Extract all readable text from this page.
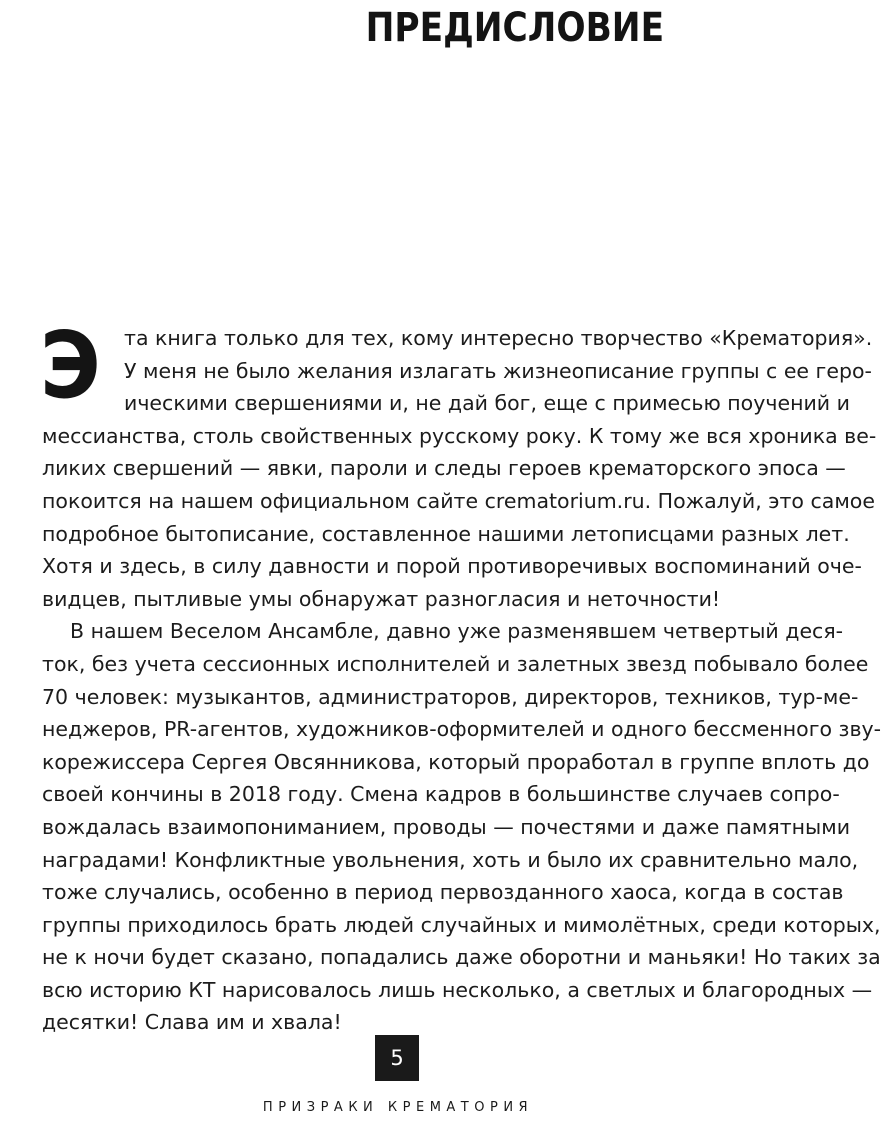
ПРЕДИСЛОВИЕ
Э	та книга только для тех, кому интересно творчество «Крематория».
У меня не было желания излагать жизнеописание группы с ее геро-
ическими свершениями и, не дай бог, еще с примесью поучений и
мессианства, столь свойственных русскому року. К тому же вся хроника ве-
ликих свершений — явки, пароли и следы героев крематорского эпоса —
покоится на нашем официальном сайте crematorium.ru. Пожалуй, это самое
подробное бытописание, составленное нашими летописцами разных лет.
Хотя и здесь, в силу давности и порой противоречивых воспоминаний оче-
видцев, пытливые умы обнаружат разногласия и неточности!
В нашем Веселом Ансамбле, давно уже разменявшем четвертый деся-
ток, без учета сессионных исполнителей и залетных звезд побывало более
70 человек: музыкантов, администраторов, директоров, техников, тур-ме-
неджеров, PR-агентов, художников-оформителей и одного бессменного зву-
корежиссера Сергея Овсянникова, который проработал в группе вплоть до
своей кончины в 2018 году. Смена кадров в большинстве случаев сопро-
вождалась взаимопониманием, проводы — почестями и даже памятными
наградами! Конфликтные увольнения, хоть и было их сравнительно мало,
тоже случались, особенно в период первозданного хаоса, когда в состав
группы приходилось брать людей случайных и мимолётных, среди которых,
не к ночи будет сказано, попадались даже оборотни и маньяки! Но таких за
всю историю КТ нарисовалось лишь несколько, а светлых и благородных —
десятки! Слава им и хвала!
5
ПРИЗРАКИ КРЕМАТОРИЯ
